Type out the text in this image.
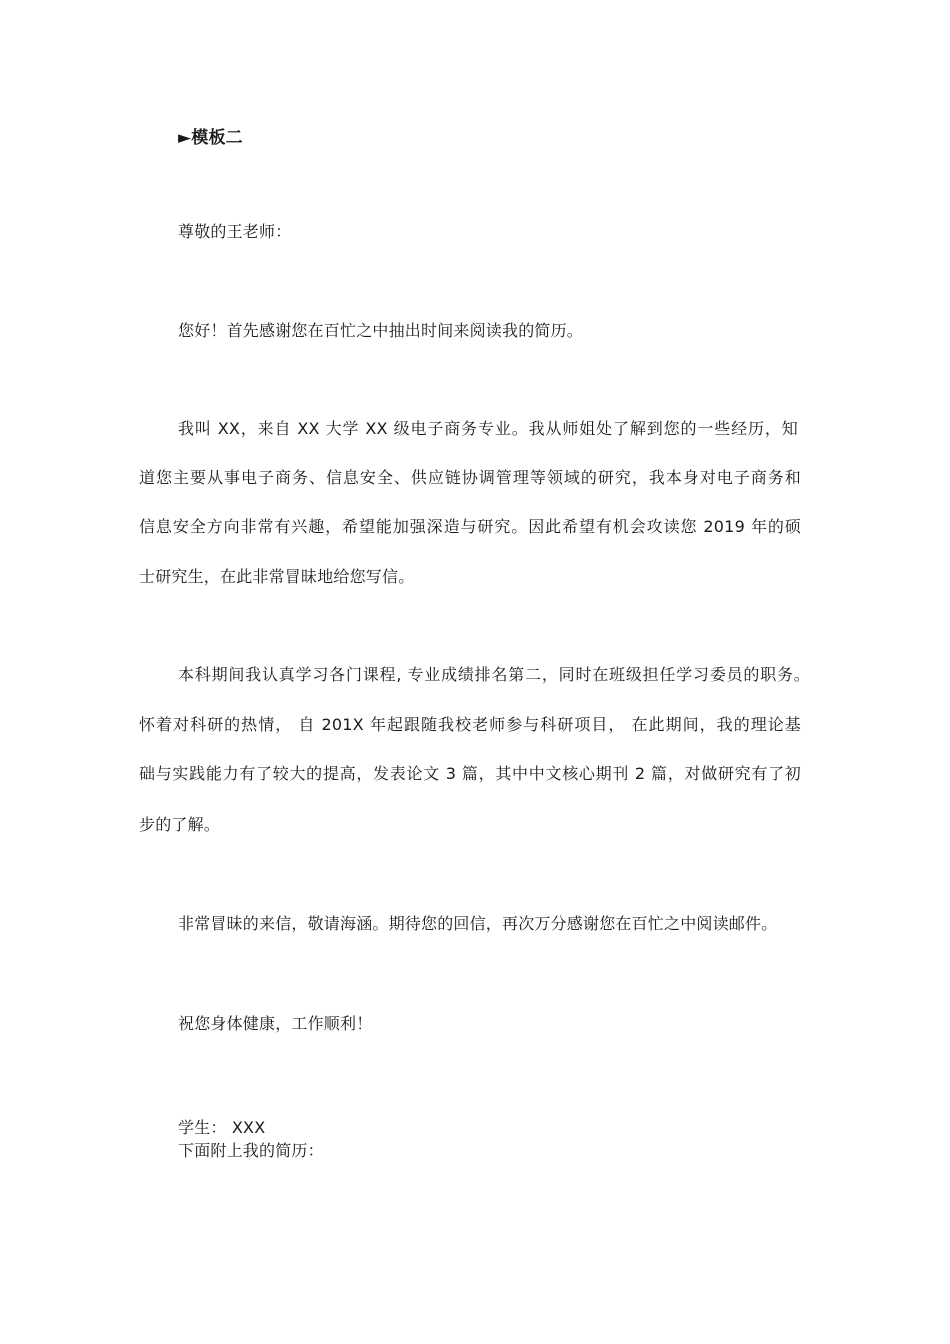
►模板二
尊敬的王老师：
您好！首先感谢您在百忙之中抽出时间来阅读我的简历。
我叫 XX，来自 XX 大学 XX 级电子商务专业。我从师姐处了解到您的一些经历，知
道您主要从事电子商务、信息安全、供应链协调管理等领域的研究，我本身对电子商务和
信息安全方向非常有兴趣，希望能加强深造与研究。因此希望有机会攻读您 2019 年的硕
士研究生，在此非常冒昧地给您写信。
本科期间我认真学习各门课程, 专业成绩排名第二，同时在班级担任学习委员的职务。
怀着对科研的热情， 自 201X 年起跟随我校老师参与科研项目， 在此期间，我的理论基
础与实践能力有了较大的提高，发表论文 3 篇，其中中文核心期刊 2 篇，对做研究有了初
步的了解。
非常冒昧的来信，敬请海涵。期待您的回信，再次万分感谢您在百忙之中阅读邮件。
祝您身体健康，工作顺利！
学生： XXX
下面附上我的简历：
